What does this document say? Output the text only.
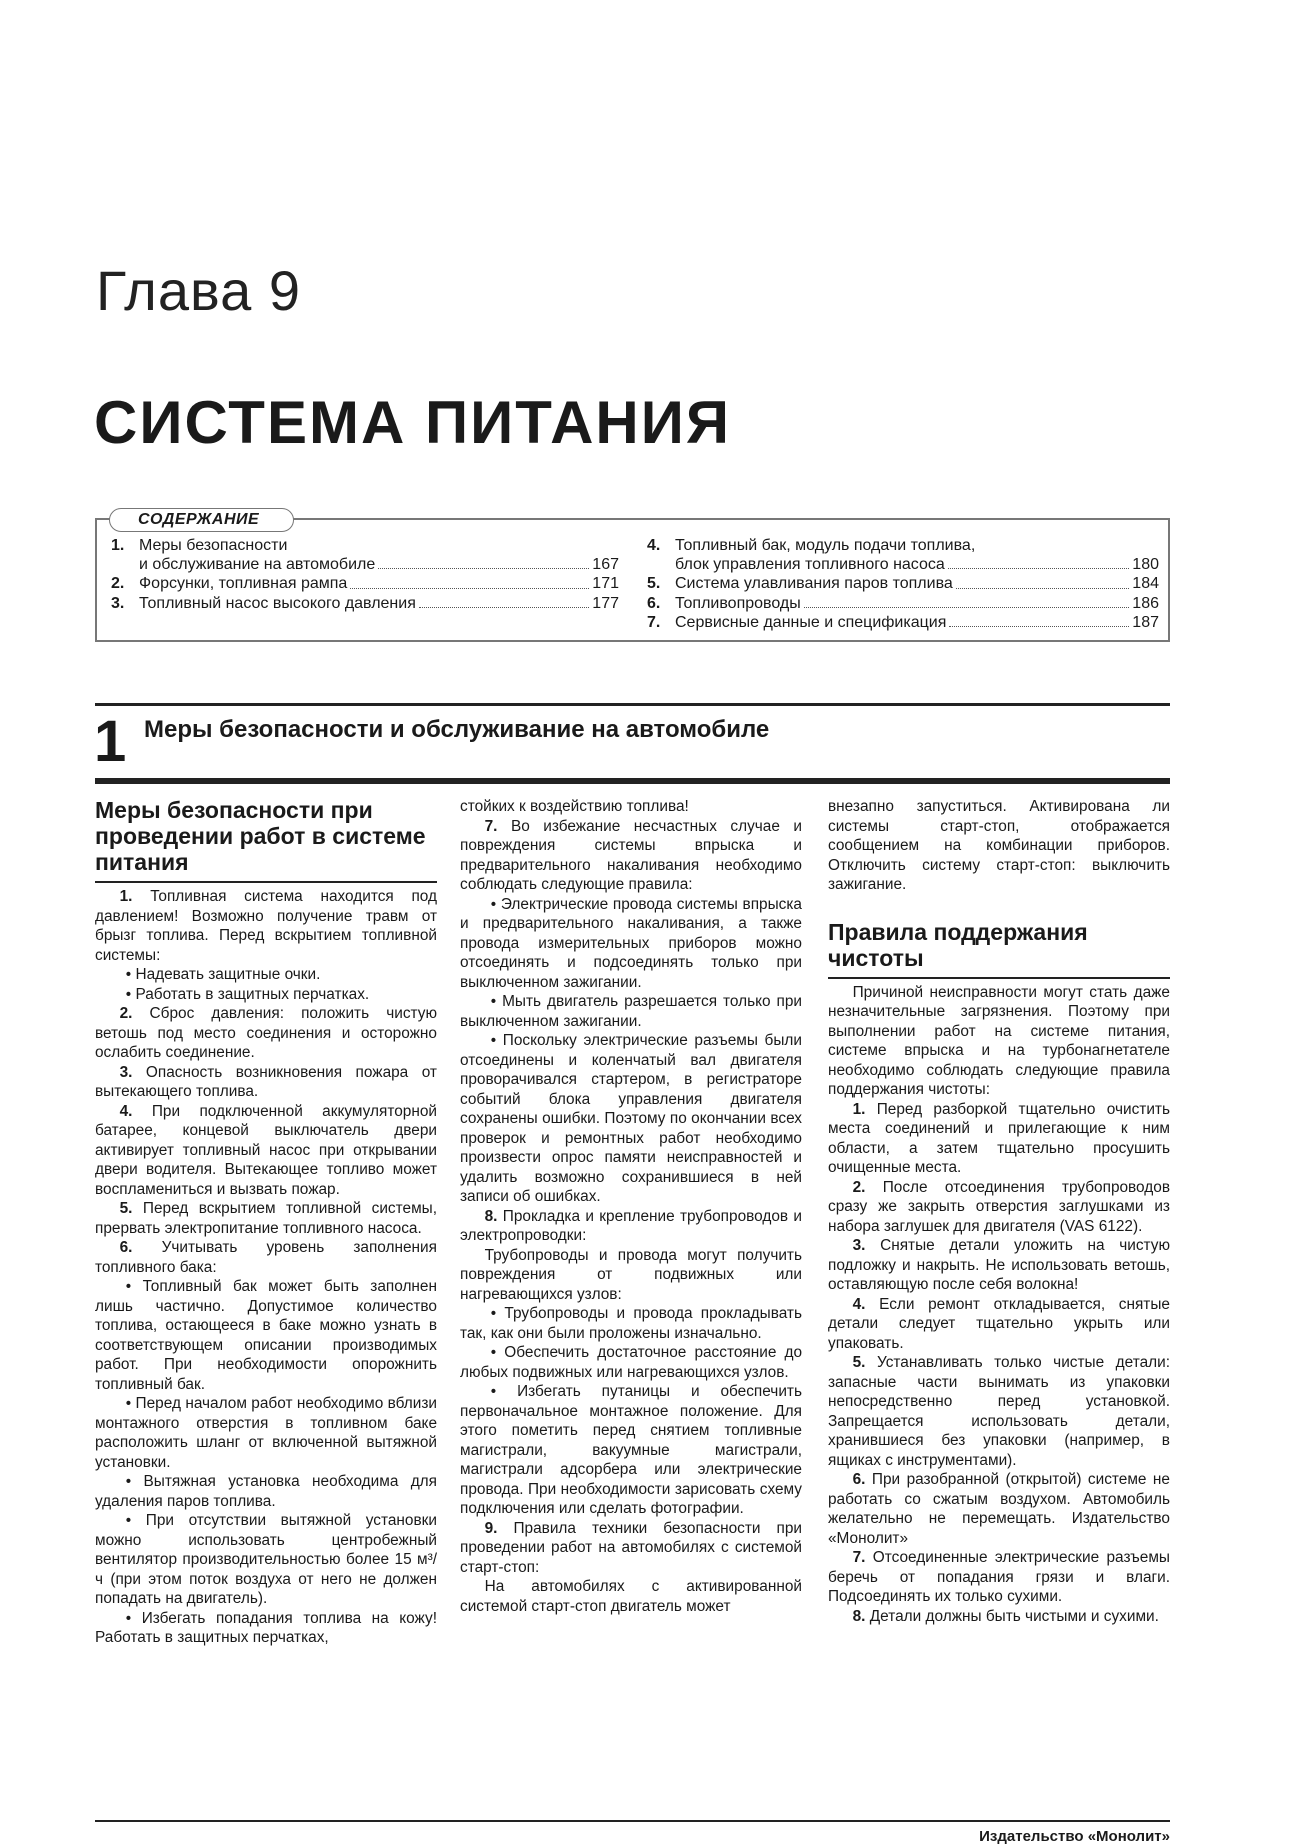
Глава 9
СИСТЕМА ПИТАНИЯ
СОДЕРЖАНИЕ
1. Меры безопасности
и обслуживание на автомобиле	167
2. Форсунки, топливная рампа	171
3. Топливный насос высокого давления	177
4. Топливный бак, модуль подачи топлива,
блок управления топливного насоса	180
5. Система улавливания паров топлива	184
6. Топливопроводы	186
7. Сервисные данные и спецификация	187
1 Меры безопасности и обслуживание на автомобиле
Меры безопасности при проведении работ в системе питания

1. Топливная система находится под давлением! Возможно получение травм от брызг топлива. Перед вскрытием топливной системы:

• Надевать защитные очки.

• Работать в защитных перчатках.

2. Сброс давления: положить чистую ветошь под место соединения и осторожно ослабить соединение.

3. Опасность возникновения пожара от вытекающего топлива.

4. При подключенной аккумуляторной батарее, концевой выключатель двери активирует топливный насос при открывании двери водителя. Вытекающее топливо может воспламениться и вызвать пожар.

5. Перед вскрытием топливной системы, прервать электропитание топливного насоса.

6. Учитывать уровень заполнения топливного бака:

• Топливный бак может быть заполнен лишь частично. Допустимое количество топлива, остающееся в баке можно узнать в соответствующем описании производимых работ. При необходимости опорожнить топливный бак.

• Перед началом работ необходимо вблизи монтажного отверстия в топливном баке расположить шланг от включенной вытяжной установки.

• Вытяжная установка необходима для удаления паров топлива.

• При отсутствии вытяжной установки можно использовать центробежный вентилятор производительностью более 15 м³/ч (при этом поток воздуха от него не должен попадать на двигатель).

• Избегать попадания топлива на кожу! Работать в защитных перчатках,

стойких к воздействию топлива!

7. Во избежание несчастных случае и повреждения системы впрыска и предварительного накаливания необходимо соблюдать следующие правила:

• Электрические провода системы впрыска и предварительного накаливания, а также провода измерительных приборов можно отсоединять и подсоединять только при выключенном зажигании.

• Мыть двигатель разрешается только при выключенном зажигании.

• Поскольку электрические разъемы были отсоединены и коленчатый вал двигателя проворачивался стартером, в регистраторе событий блока управления двигателя сохранены ошибки. Поэтому по окончании всех проверок и ремонтных работ необходимо произвести опрос памяти неисправностей и удалить возможно сохранившиеся в ней записи об ошибках.

8. Прокладка и крепление трубопроводов и электропроводки:

Трубопроводы и провода могут получить повреждения от подвижных или нагревающихся узлов:

• Трубопроводы и провода прокладывать так, как они были проложены изначально.

• Обеспечить достаточное расстояние до любых подвижных или нагревающихся узлов.

• Избегать путаницы и обеспечить первоначальное монтажное положение. Для этого пометить перед снятием топливные магистрали, вакуумные магистрали, магистрали адсорбера или электрические провода. При необходимости зарисовать схему подключения или сделать фотографии.

9. Правила техники безопасности при проведении работ на автомобилях с системой старт-стоп:

На автомобилях с активированной системой старт-стоп двигатель может

внезапно запуститься. Активирована ли системы старт-стоп, отображается сообщением на комбинации приборов. Отключить систему старт-стоп: выключить зажигание.

Правила поддержания чистоты

Причиной неисправности могут стать даже незначительные загрязнения. Поэтому при выполнении работ на системе питания, системе впрыска и на турбонагнетателе необходимо соблюдать следующие правила поддержания чистоты:

1. Перед разборкой тщательно очистить места соединений и прилегающие к ним области, а затем тщательно просушить очищенные места.

2. После отсоединения трубопроводов сразу же закрыть отверстия заглушками из набора заглушек для двигателя (VAS 6122).

3. Снятые детали уложить на чистую подложку и накрыть. Не использовать ветошь, оставляющую после себя волокна!

4. Если ремонт откладывается, снятые детали следует тщательно укрыть или упаковать.

5. Устанавливать только чистые детали: запасные части вынимать из упаковки непосредственно перед установкой. Запрещается использовать детали, хранившиеся без упаковки (например, в ящиках с инструментами).

6. При разобранной (открытой) системе не работать со сжатым воздухом. Автомобиль желательно не перемещать. Издательство «Монолит»

7. Отсоединенные электрические разъемы беречь от попадания грязи и влаги. Подсоединять их только сухими.

8. Детали должны быть чистыми и сухими.

Издательство «Монолит»
